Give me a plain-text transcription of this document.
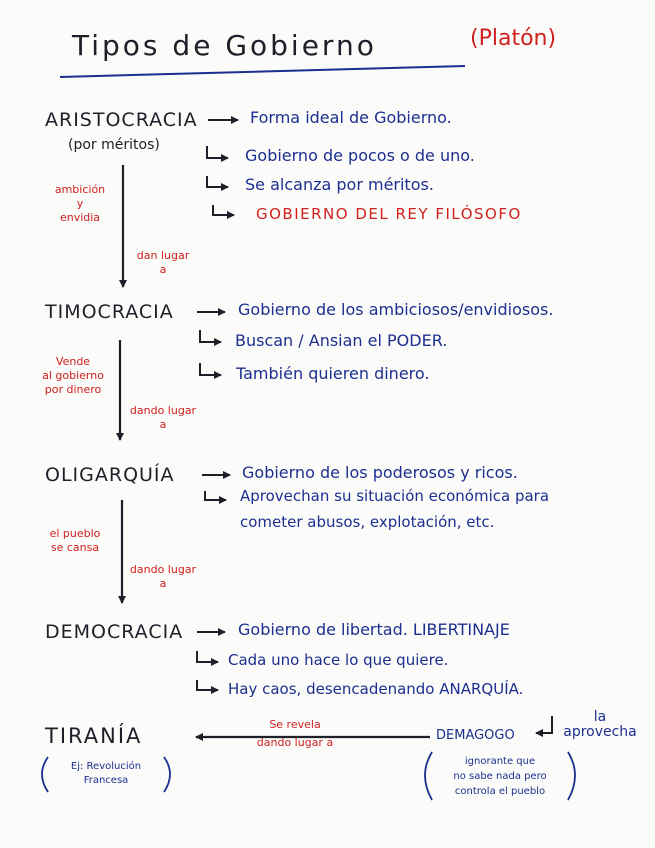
Tipos de Gobierno	(Platón)
ARISTOCRACIA
(por méritos)
Forma ideal de Gobierno.
Gobierno de pocos o de uno.
Se alcanza por méritos.
GOBIERNO DEL REY FILÓSOFO
ambición
y
envidia
dan lugar
a
TIMOCRACIA	Gobierno de los ambiciosos/envidiosos.
Buscan / Ansian el PODER.
También quieren dinero.
Vende
al gobierno
por dinero
dando lugar
a
OLIGARQUÍA	Gobierno de los poderosos y ricos.
Aprovechan su situación económica para
cometer abusos, explotación, etc.
el pueblo
se cansa
dando lugar
a
DEMOCRACIA	Gobierno de libertad. LIBERTINAJE
Cada uno hace lo que quiere.
Hay caos, desencadenando ANARQUÍA.
TIRANÍA
Ej: Revolución
Francesa
Se revela
dando lugar a	DEMAGOGO
la
aprovecha
ignorante que
no sabe nada pero
controla el pueblo
